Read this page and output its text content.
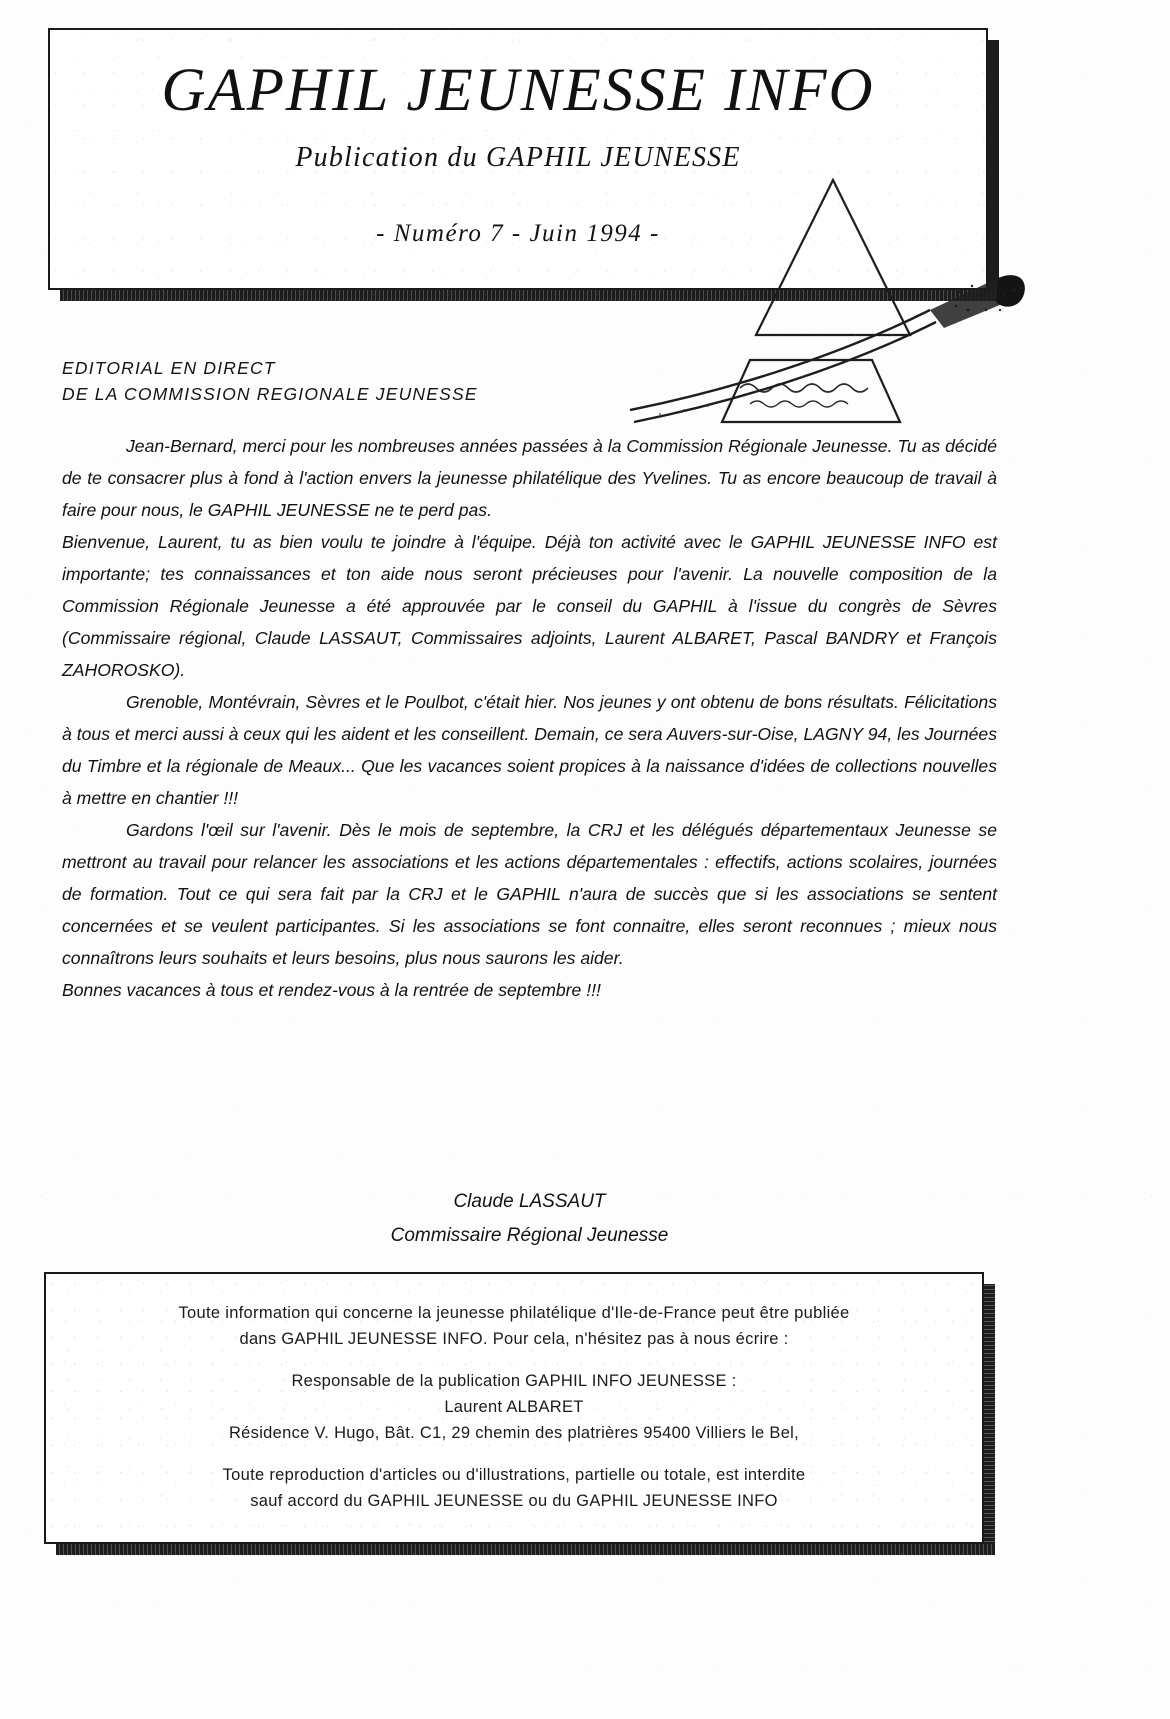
GAPHIL JEUNESSE INFO
Publication du GAPHIL JEUNESSE
- Numéro 7 - Juin 1994 -
EDITORIAL EN DIRECT
DE LA COMMISSION REGIONALE JEUNESSE

Jean-Bernard, merci pour les nombreuses années passées à la Commission Régionale Jeunesse. Tu as décidé de te consacrer plus à fond à l'action envers la jeunesse philatélique des Yvelines. Tu as encore beaucoup de travail à faire pour nous, le GAPHIL JEUNESSE ne te perd pas.

Bienvenue, Laurent, tu as bien voulu te joindre à l'équipe. Déjà ton activité avec le GAPHIL JEUNESSE INFO est importante; tes connaissances et ton aide nous seront précieuses pour l'avenir. La nouvelle composition de la Commission Régionale Jeunesse a été approuvée par le conseil du GAPHIL à l'issue du congrès de Sèvres (Commissaire régional, Claude LASSAUT, Commissaires adjoints, Laurent ALBARET, Pascal BANDRY et François ZAHOROSKO).

Grenoble, Montévrain, Sèvres et le Poulbot, c'était hier. Nos jeunes y ont obtenu de bons résultats. Félicitations à tous et merci aussi à ceux qui les aident et les conseillent. Demain, ce sera Auvers-sur-Oise, LAGNY 94, les Journées du Timbre et la régionale de Meaux... Que les vacances soient propices à la naissance d'idées de collections nouvelles à mettre en chantier !!!

Gardons l'œil sur l'avenir. Dès le mois de septembre, la CRJ et les délégués départementaux Jeunesse se mettront au travail pour relancer les associations et les actions départementales : effectifs, actions scolaires, journées de formation. Tout ce qui sera fait par la CRJ et le GAPHIL n'aura de succès que si les associations se sentent concernées et se veulent participantes. Si les associations se font connaitre, elles seront reconnues ; mieux nous connaîtrons leurs souhaits et leurs besoins, plus nous saurons les aider.

Bonnes vacances à tous et rendez-vous à la rentrée de septembre !!!

Claude LASSAUT
Commissaire Régional Jeunesse
Toute information qui concerne la jeunesse philatélique d'Ile-de-France peut être publiée
dans GAPHIL JEUNESSE INFO. Pour cela, n'hésitez pas à nous écrire :
Responsable de la publication GAPHIL INFO JEUNESSE :
Laurent ALBARET
Résidence V. Hugo, Bât. C1, 29 chemin des platrières 95400 Villiers le Bel,
Toute reproduction d'articles ou d'illustrations, partielle ou totale, est interdite
sauf accord du GAPHIL JEUNESSE ou du GAPHIL JEUNESSE INFO
